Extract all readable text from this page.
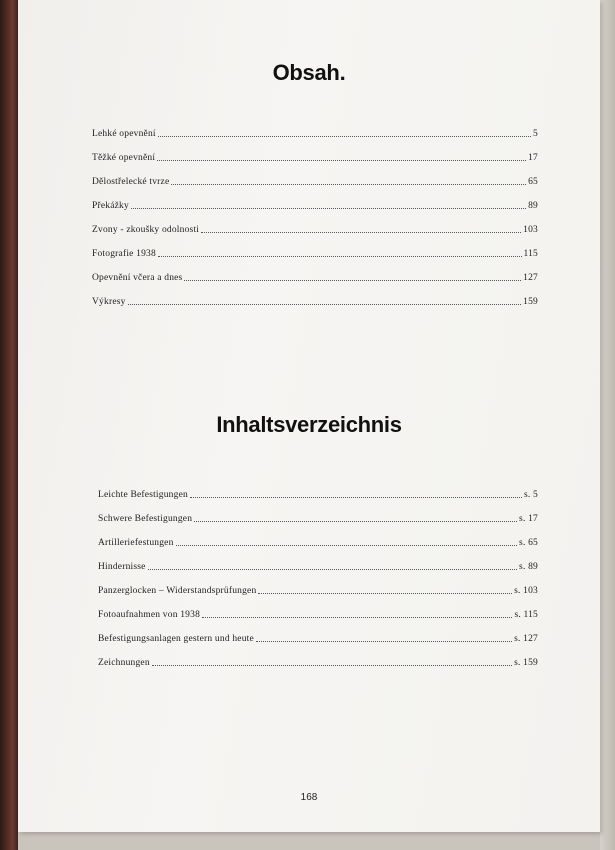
Obsah.
Lehké opevnění	5
Těžké opevnění	17
Dělostřelecké tvrze	65
Překážky	89
Zvony - zkoušky odolnosti	103
Fotografie 1938	115
Opevnění včera a dnes	127
Výkresy	159
Inhaltsverzeichnis
Leichte Befestigungen	s. 5
Schwere Befestigungen	s. 17
Artilleriefestungen	s. 65
Hindernisse	s. 89
Panzerglocken – Widerstandsprüfungen	s. 103
Fotoaufnahmen von 1938	s. 115
Befestigungsanlagen gestern und heute	s. 127
Zeichnungen	s. 159
168
